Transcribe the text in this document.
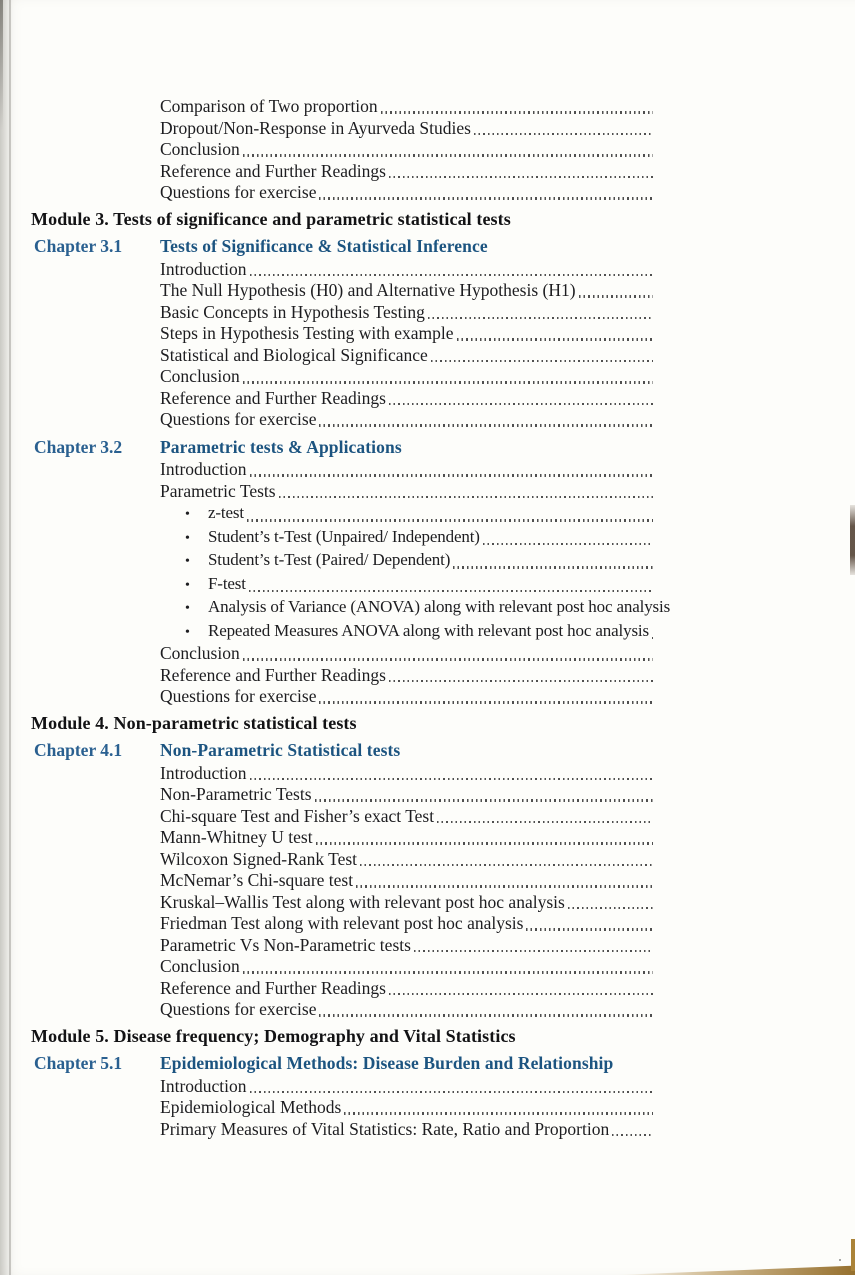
Comparison of Two proportion
Dropout/Non-Response in Ayurveda Studies
Conclusion
Reference and Further Readings
Questions for exercise
Module 3. Tests of significance and parametric statistical tests
Chapter 3.1	Tests of Significance & Statistical Inference
Introduction
The Null Hypothesis (H0) and Alternative Hypothesis (H1)
Basic Concepts in Hypothesis Testing
Steps in Hypothesis Testing with example
Statistical and Biological Significance
Conclusion
Reference and Further Readings
Questions for exercise
Chapter 3.2	Parametric tests & Applications
Introduction
Parametric Tests
•	z-test
•	Student’s t-Test (Unpaired/ Independent)
•	Student’s t-Test (Paired/ Dependent)
•	F-test
•	Analysis of Variance (ANOVA) along with relevant post hoc analysis
•	Repeated Measures ANOVA along with relevant post hoc analysis
Conclusion
Reference and Further Readings
Questions for exercise
Module 4. Non-parametric statistical tests
Chapter 4.1	Non-Parametric Statistical tests
Introduction
Non-Parametric Tests
Chi-square Test and Fisher’s exact Test
Mann-Whitney U test
Wilcoxon Signed-Rank Test
McNemar’s Chi-square test
Kruskal–Wallis Test along with relevant post hoc analysis
Friedman Test along with relevant post hoc analysis
Parametric Vs Non-Parametric tests
Conclusion
Reference and Further Readings
Questions for exercise
Module 5. Disease frequency; Demography and Vital Statistics
Chapter 5.1	Epidemiological Methods: Disease Burden and Relationship
Introduction
Epidemiological Methods
Primary Measures of Vital Statistics: Rate, Ratio and Proportion
